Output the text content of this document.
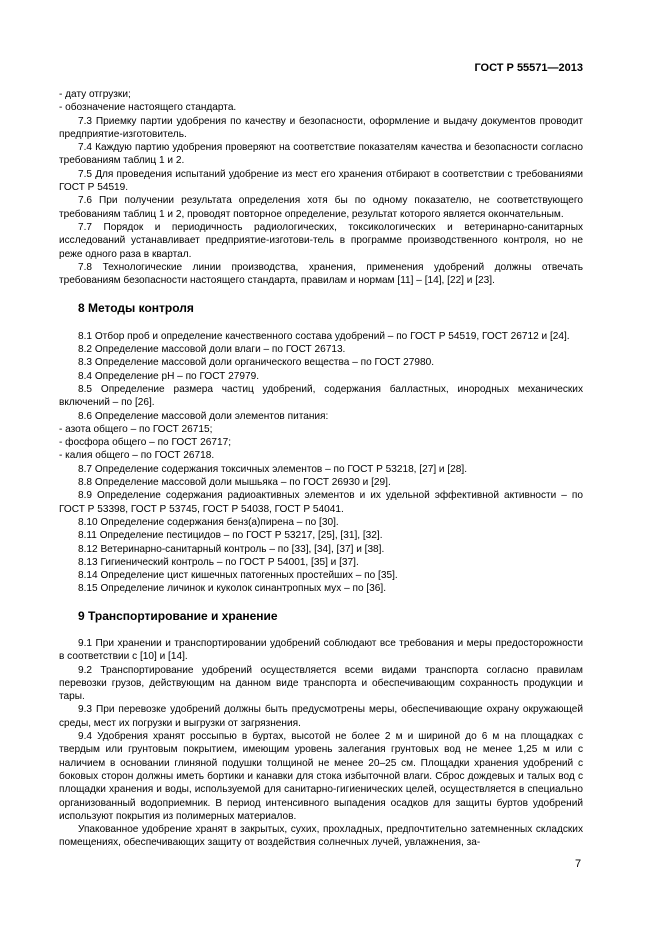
ГОСТ Р 55571—2013

- дату отгрузки;

- обозначение настоящего стандарта.

7.3 Приемку партии удобрения по качеству и безопасности, оформление и выдачу документов проводит предприятие-изготовитель.

7.4 Каждую партию удобрения проверяют на соответствие показателям качества и безопасности согласно требованиям таблиц 1 и 2.

7.5 Для проведения испытаний удобрение из мест его хранения отбирают в соответствии с требованиями ГОСТ Р 54519.

7.6 При получении результата определения хотя бы по одному показателю, не соответствующего требованиям таблиц 1 и 2, проводят повторное определение, результат которого является окончательным.

7.7 Порядок и периодичность радиологических, токсикологических и ветеринарно-санитарных исследований устанавливает предприятие-изготови-тель в программе производственного контроля, но не реже одного раза в квартал.

7.8 Технологические линии производства, хранения, применения удобрений должны отвечать требованиям безопасности настоящего стандарта, правилам и нормам [11] – [14], [22] и [23].

8 Методы контроля

8.1 Отбор проб и определение качественного состава удобрений – по ГОСТ Р 54519, ГОСТ 26712 и [24].

8.2 Определение массовой доли влаги – по ГОСТ 26713.

8.3 Определение массовой доли органического вещества – по ГОСТ 27980.

8.4 Определение рН – по ГОСТ 27979.

8.5 Определение размера частиц удобрений, содержания балластных, инородных механических включений – по [26].

8.6 Определение массовой доли элементов питания:

- азота общего – по ГОСТ 26715;

- фосфора общего – по ГОСТ 26717;

- калия общего – по ГОСТ 26718.

8.7 Определение содержания токсичных элементов – по ГОСТ Р 53218, [27] и [28].

8.8 Определение массовой доли мышьяка – по ГОСТ 26930 и [29].

8.9 Определение содержания радиоактивных элементов и их удельной эффективной активности – по ГОСТ Р 53398, ГОСТ Р 53745, ГОСТ Р 54038, ГОСТ Р 54041.

8.10 Определение содержания бенз(а)пирена – по [30].

8.11 Определение пестицидов – по ГОСТ Р 53217, [25], [31], [32].

8.12 Ветеринарно-санитарный контроль – по [33], [34], [37] и [38].

8.13 Гигиенический контроль – по ГОСТ Р 54001, [35] и [37].

8.14 Определение цист кишечных патогенных простейших – по [35].

8.15 Определение личинок и куколок синантропных мух – по [36].

9 Транспортирование и хранение

9.1 При хранении и транспортировании удобрений соблюдают все требования и меры предосторожности в соответствии с [10] и [14].

9.2 Транспортирование удобрений осуществляется всеми видами транспорта согласно правилам перевозки грузов, действующим на данном виде транспорта и обеспечивающим сохранность продукции и тары.

9.3 При перевозке удобрений должны быть предусмотрены меры, обеспечивающие охрану окружающей среды, мест их погрузки и выгрузки от загрязнения.

9.4 Удобрения хранят россыпью в буртах, высотой не более 2 м и шириной до 6 м на площадках с твердым или грунтовым покрытием, имеющим уровень залегания грунтовых вод не менее 1,25 м или с наличием в основании глиняной подушки толщиной не менее 20–25 см. Площадки хранения удобрений с боковых сторон должны иметь бортики и канавки для стока избыточной влаги. Сброс дождевых и талых вод с площадки хранения и воды, используемой для санитарно-гигиенических целей, осуществляется в специально организованный водоприемник. В период интенсивного выпадения осадков для защиты буртов удобрений используют покрытия из полимерных материалов.

Упакованное удобрение хранят в закрытых, сухих, прохладных, предпочтительно затемненных складских помещениях, обеспечивающих защиту от воздействия солнечных лучей, увлажнения, за-

7
